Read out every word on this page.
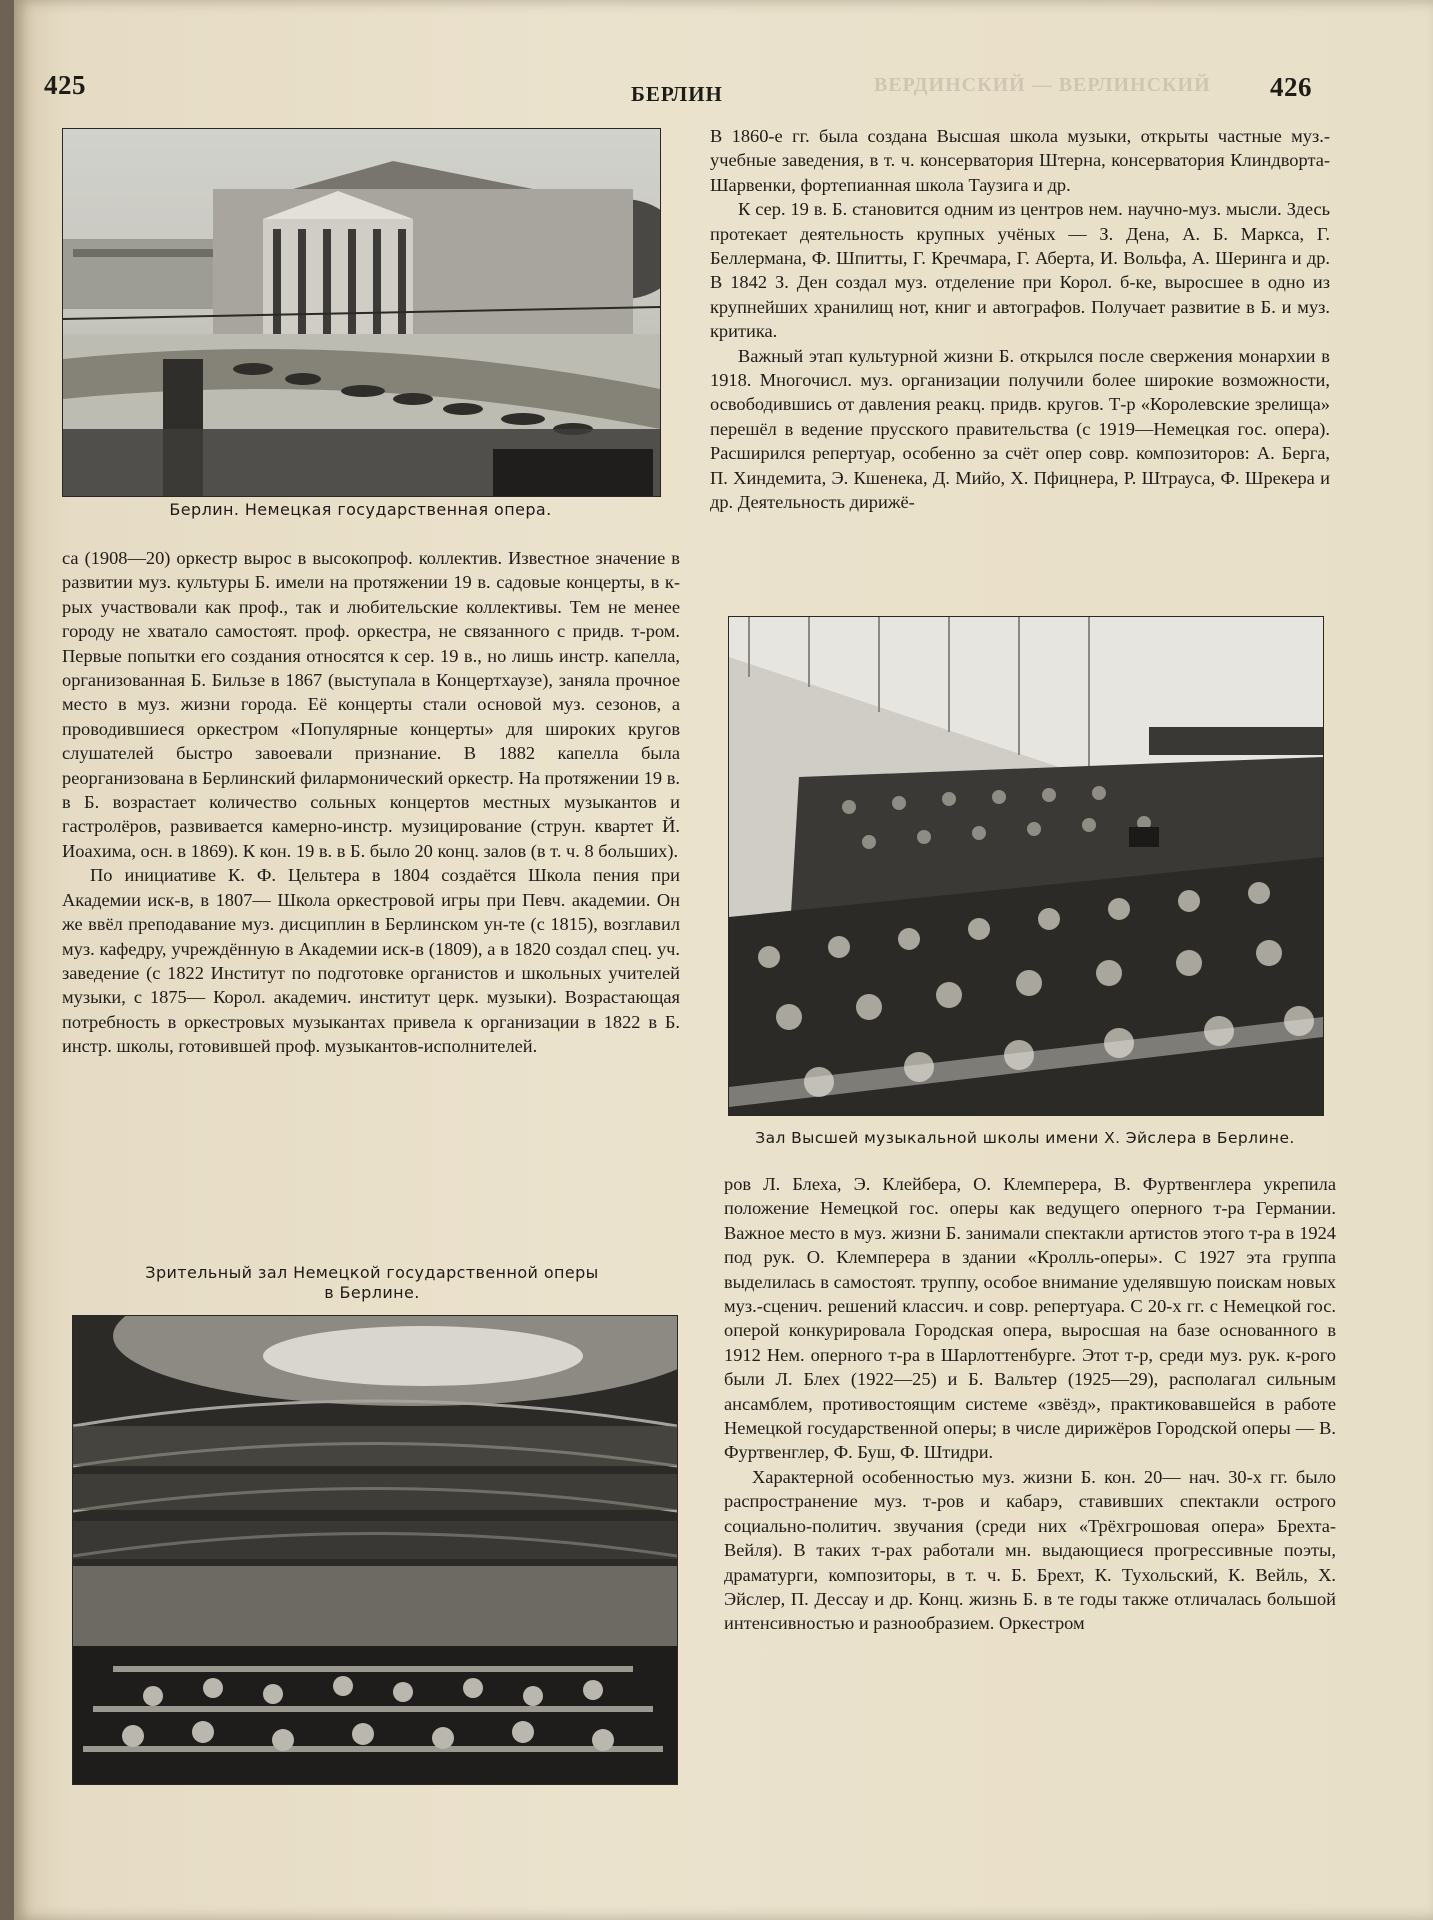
ВЕРДИНСКИЙ — ВЕРЛИНСКИЙ
425	БЕРЛИН	426
Берлин. Немецкая государственная опера.

са (1908—20) оркестр вырос в высокопроф. коллектив. Известное значение в развитии муз. культуры Б. имели на протяжении 19 в. садовые концерты, в к-рых участвовали как проф., так и любительские коллективы. Тем не менее городу не хватало самостоят. проф. оркестра, не связанного с придв. т-ром. Первые попытки его создания относятся к сер. 19 в., но лишь инстр. капелла, организованная Б. Бильзе в 1867 (выступала в Концертхаузе), заняла прочное место в муз. жизни города. Её концерты стали основой муз. сезонов, а проводившиеся оркестром «Популярные концерты» для широких кругов слушателей быстро завоевали признание. В 1882 капелла была реорганизована в Берлинский филармонический оркестр. На протяжении 19 в. в Б. возрастает количество сольных концертов местных музыкантов и гастролёров, развивается камерно-инстр. музицирование (струн. квартет Й. Иоахима, осн. в 1869). К кон. 19 в. в Б. было 20 конц. залов (в т. ч. 8 больших).

По инициативе К. Ф. Цельтера в 1804 создаётся Школа пения при Академии иск-в, в 1807— Школа оркестровой игры при Певч. академии. Он же ввёл преподавание муз. дисциплин в Берлинском ун-те (с 1815), возглавил муз. кафедру, учреждённую в Академии иск-в (1809), а в 1820 создал спец. уч. заведение (с 1822 Институт по подготовке органистов и школьных учителей музыки, с 1875— Корол. академич. институт церк. музыки). Возрастающая потребность в оркестровых музыкантах привела к организации в 1822 в Б. инстр. школы, готовившей проф. музыкантов-исполнителей.

Зрительный зал Немецкой государственной оперы
в Берлине.

В 1860-е гг. была создана Высшая школа музыки, открыты частные муз.-учебные заведения, в т. ч. консерватория Штерна, консерватория Клиндворта-Шарвенки, фортепианная школа Таузига и др.

К сер. 19 в. Б. становится одним из центров нем. научно-муз. мысли. Здесь протекает деятельность крупных учёных — З. Дена, А. Б. Маркса, Г. Беллермана, Ф. Шпитты, Г. Кречмара, Г. Аберта, И. Вольфа, А. Шеринга и др. В 1842 З. Ден создал муз. отделение при Корол. б-ке, выросшее в одно из крупнейших хранилищ нот, книг и автографов. Получает развитие в Б. и муз. критика.

Важный этап культурной жизни Б. открылся после свержения монархии в 1918. Многочисл. муз. организации получили более широкие возможности, освободившись от давления реакц. придв. кругов. Т-р «Королевские зрелища» перешёл в ведение прусского правительства (с 1919—Немецкая гос. опера). Расширился репертуар, особенно за счёт опер совр. композиторов: А. Берга, П. Хиндемита, Э. Кшенека, Д. Мийо, X. Пфицнера, Р. Штрауса, Ф. Шрекера и др. Деятельность дирижё-

Зал Высшей музыкальной школы имени X. Эйслера в Берлине.

ров Л. Блеха, Э. Клейбера, О. Клемперера, В. Фуртвенглера укрепила положение Немецкой гос. оперы как ведущего оперного т-ра Германии. Важное место в муз. жизни Б. занимали спектакли артистов этого т-ра в 1924 под рук. О. Клемперера в здании «Кролль-оперы». С 1927 эта группа выделилась в самостоят. труппу, особое внимание уделявшую поискам новых муз.-сценич. решений классич. и совр. репертуара. С 20-х гг. с Немецкой гос. оперой конкурировала Городская опера, выросшая на базе основанного в 1912 Нем. оперного т-ра в Шарлоттенбурге. Этот т-р, среди муз. рук. к-рого были Л. Блех (1922—25) и Б. Вальтер (1925—29), располагал сильным ансамблем, противостоящим системе «звёзд», практиковавшейся в работе Немецкой государственной оперы; в числе дирижёров Городской оперы — В. Фуртвенглер, Ф. Буш, Ф. Штидри.

Характерной особенностью муз. жизни Б. кон. 20— нач. 30-х гг. было распространение муз. т-ров и кабарэ, ставивших спектакли острого социально-политич. звучания (среди них «Трёхгрошовая опера» Брехта-Вейля). В таких т-рах работали мн. выдающиеся прогрессивные поэты, драматурги, композиторы, в т. ч. Б. Брехт, К. Тухольский, К. Вейль, X. Эйслер, П. Дессау и др. Конц. жизнь Б. в те годы также отличалась большой интенсивностью и разнообразием. Оркестром
